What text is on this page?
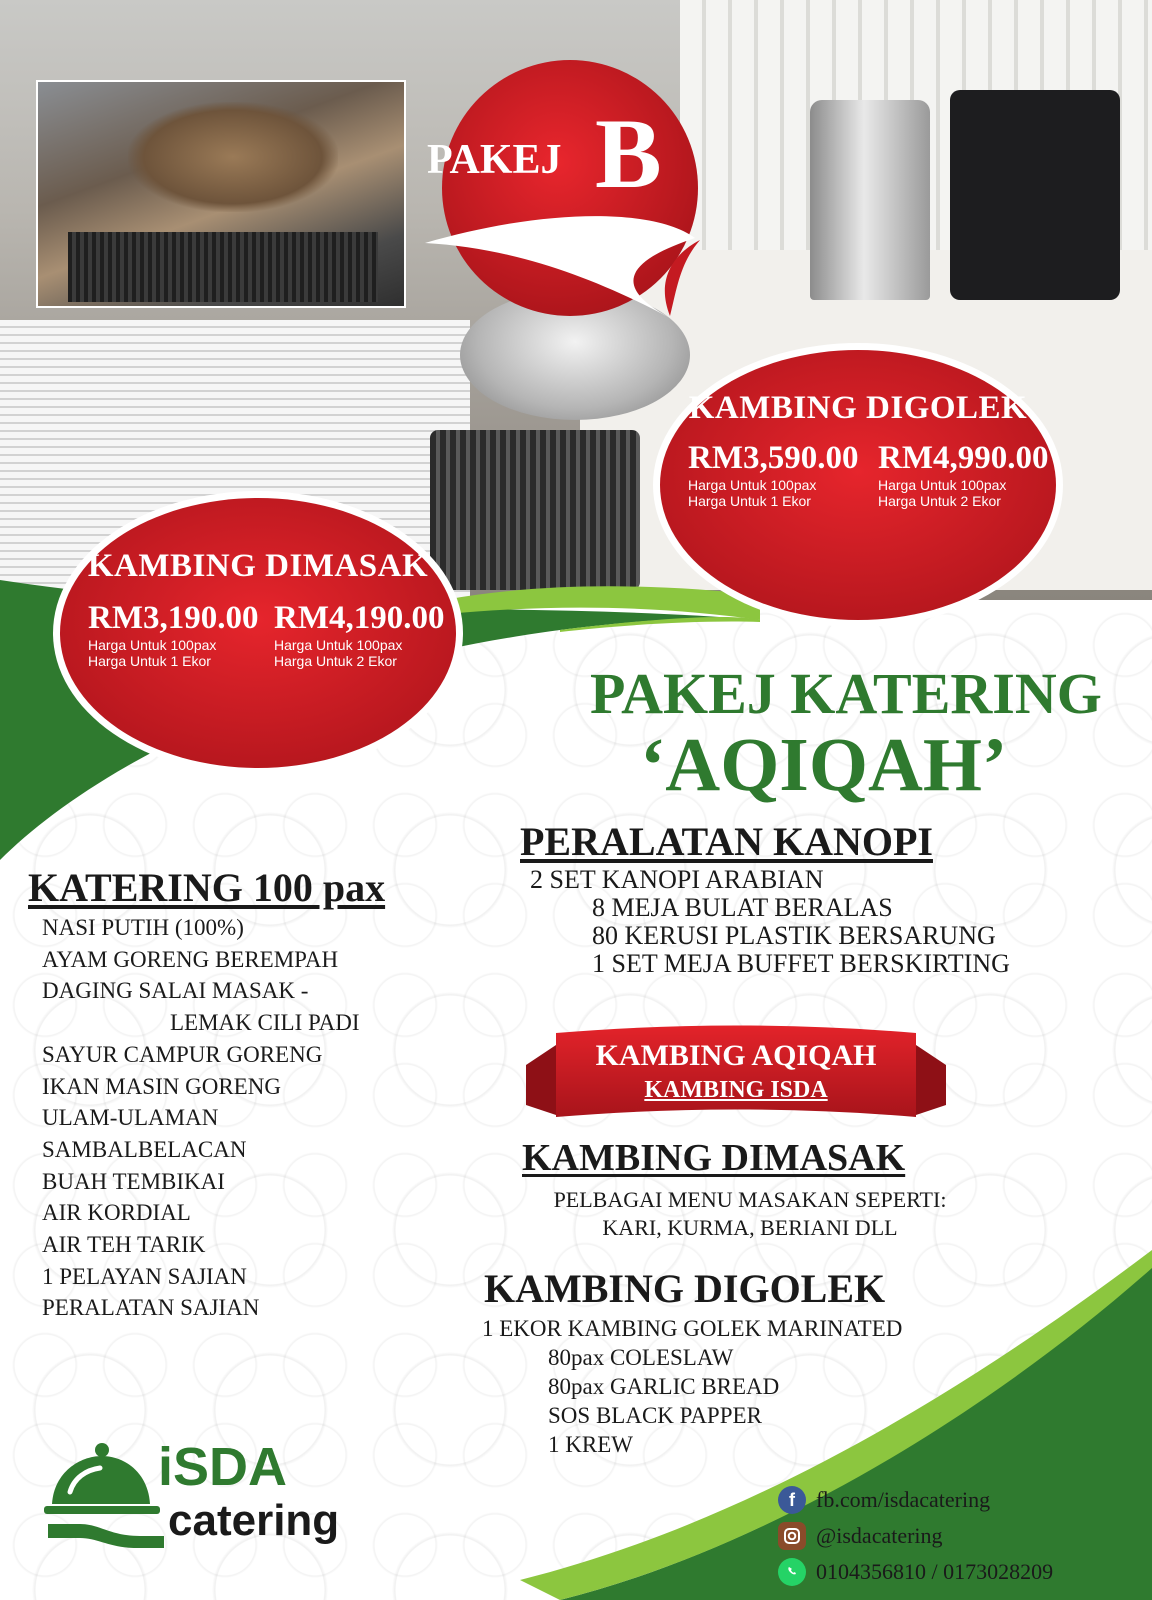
PAKEJ B
KAMBING DIGOLEK
RM3,590.00
Harga Untuk 100pax
Harga Untuk 1 Ekor
RM4,990.00
Harga Untuk 100pax
Harga Untuk 2 Ekor
KAMBING DIMASAK
RM3,190.00
Harga Untuk 100pax
Harga Untuk 1 Ekor
RM4,190.00
Harga Untuk 100pax
Harga Untuk 2 Ekor	PAKEJ KATERING
‘AQIQAH’
PERALATAN KANOPI
2 SET KANOPI ARABIAN
8 MEJA BULAT BERALAS
80 KERUSI PLASTIK BERSARUNG
1 SET MEJA BUFFET BERSKIRTING
KATERING 100 pax
NASI PUTIH (100%)
AYAM GORENG BEREMPAH
DAGING SALAI MASAK -
LEMAK CILI PADI
SAYUR CAMPUR GORENG
IKAN MASIN GORENG
ULAM-ULAMAN
SAMBALBELACAN
BUAH TEMBIKAI
AIR KORDIAL
AIR TEH TARIK
1 PELAYAN SAJIAN
PERALATAN SAJIAN
KAMBING AQIQAH
KAMBING ISDA
KAMBING DIMASAK
PELBAGAI MENU MASAKAN SEPERTI:
KARI, KURMA, BERIANI DLL
KAMBING DIGOLEK
1 EKOR KAMBING GOLEK MARINATED
80pax COLESLAW
80pax GARLIC BREAD
SOS BLACK PAPPER
1 KREW
iSDA
catering	f fb.com/isdacatering
@isdacatering
0104356810 / 0173028209
